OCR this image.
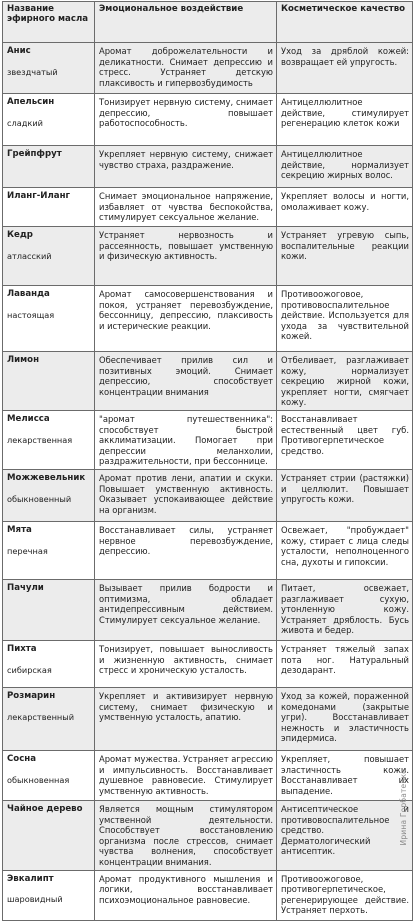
Название эфирного масла	Эмоциональное воздействие	Косметическое качество

Анис
звездчатый	Аромат доброжелательности и деликатности. Снимает депрессию и стресс. Устраняет детскую плаксивость и гипервозбудимость	Уход за дряблой кожей: возвращает ей упругость.

Апельсин
сладкий	Тонизирует нервную систему, снимает депрессию, повышает работоспособность.	Антицеллюлитное действие, стимулирует регенерацию клеток кожи

Грейпфрут	Укрепляет нервную систему, снижает чувство страха, раздражение.	Антицеллюлитное действие, нормализует секрецию жирных волос.

Иланг-Иланг	Снимает эмоциональное напряжение, избавляет от чувства беспокойства, стимулирует сексуальное желание.	Укрепляет волосы и ногти, омолаживает кожу.

Кедр
атласский	Устраняет нервозность и рассеянность, повышает умственную и физическую активность.	Устраняет угревую сыпь, воспалительные реакции кожи.

Лаванда
настоящая	Аромат самосовершенствования и покоя, устраняет перевозбуждение, бессонницу, депрессию, плаксивость и истерические реакции.	Противоожоговое, противовоспалительное действие. Используется для ухода за чувствительной кожей.

Лимон	Обеспечивает прилив сил и позитивных эмоций. Снимает депрессию, способствует концентрации внимания	Отбеливает, разглаживает кожу, нормализует секрецию жирной кожи, укрепляет ногти, смягчает кожу.

Мелисса
лекарственная	"аромат путешественника": способствует быстрой акклиматизации. Помогает при депрессии меланхолии, раздражительности, при бессоннице.	Восстанавливает естественный цвет губ. Противогерпетическое средство.

Можжевельник
обыкновенный	Аромат против лени, апатии и скуки. Повышает умственную активность. Оказывает успокаивающее действие на организм.	Устраняет стрии (растяжки) и целлюлит. Повышает упругость кожи.

Мята
перечная	Восстанавливает силы, устраняет нервное перевозбуждение, депрессию.	Освежает, "пробуждает" кожу, стирает с лица следы усталости, неполноценного сна, духоты и гипоксии.

Пачули	Вызывает прилив бодрости и оптимизма, обладает антидепрессивным действием. Стимулирует сексуальное желание.	Питает, освежает, разглаживает сухую, утонленную кожу. Устраняет дряблость. Бусь живота и бедер.

Пихта
сибирская	Тонизирует, повышает выносливость и жизненную активность, снимает стресс и хроническую усталость.	Устраняет тяжелый запах пота ног. Натуральный дезодарант.

Розмарин
лекарственный	Укрепляет и активизирует нервную систему, снимает физическую и умственную усталость, апатию.	Уход за кожей, пораженной комедонами (закрытые угри). Восстанавливает нежность и эластичность эпидермиса.

Сосна
обыкновенная	Аромат мужества. Устраняет агрессию и импульсивность. Восстанавливает душевное равновесие. Стимулирует умственную активность.	Укрепляет, повышает эластичность кожи. Восстанавливает их выпадение.

Чайное дерево	Является мощным стимулятором умственной деятельности. Способствует восстановлению организма после стрессов, снимает чувства волнения, способствует концентрации внимания.	Антисептическое и противовоспалительное средство. Дерматологический антисептик.

Эвкалипт
шаровидный	Аромат продуктивного мышления и логики, восстанавливает психоэмоциональное равновесие.	Противоожоговое, противогерпетическое, регенерирующее действие. Устраняет перхоть.
Ирина Горбатенко
